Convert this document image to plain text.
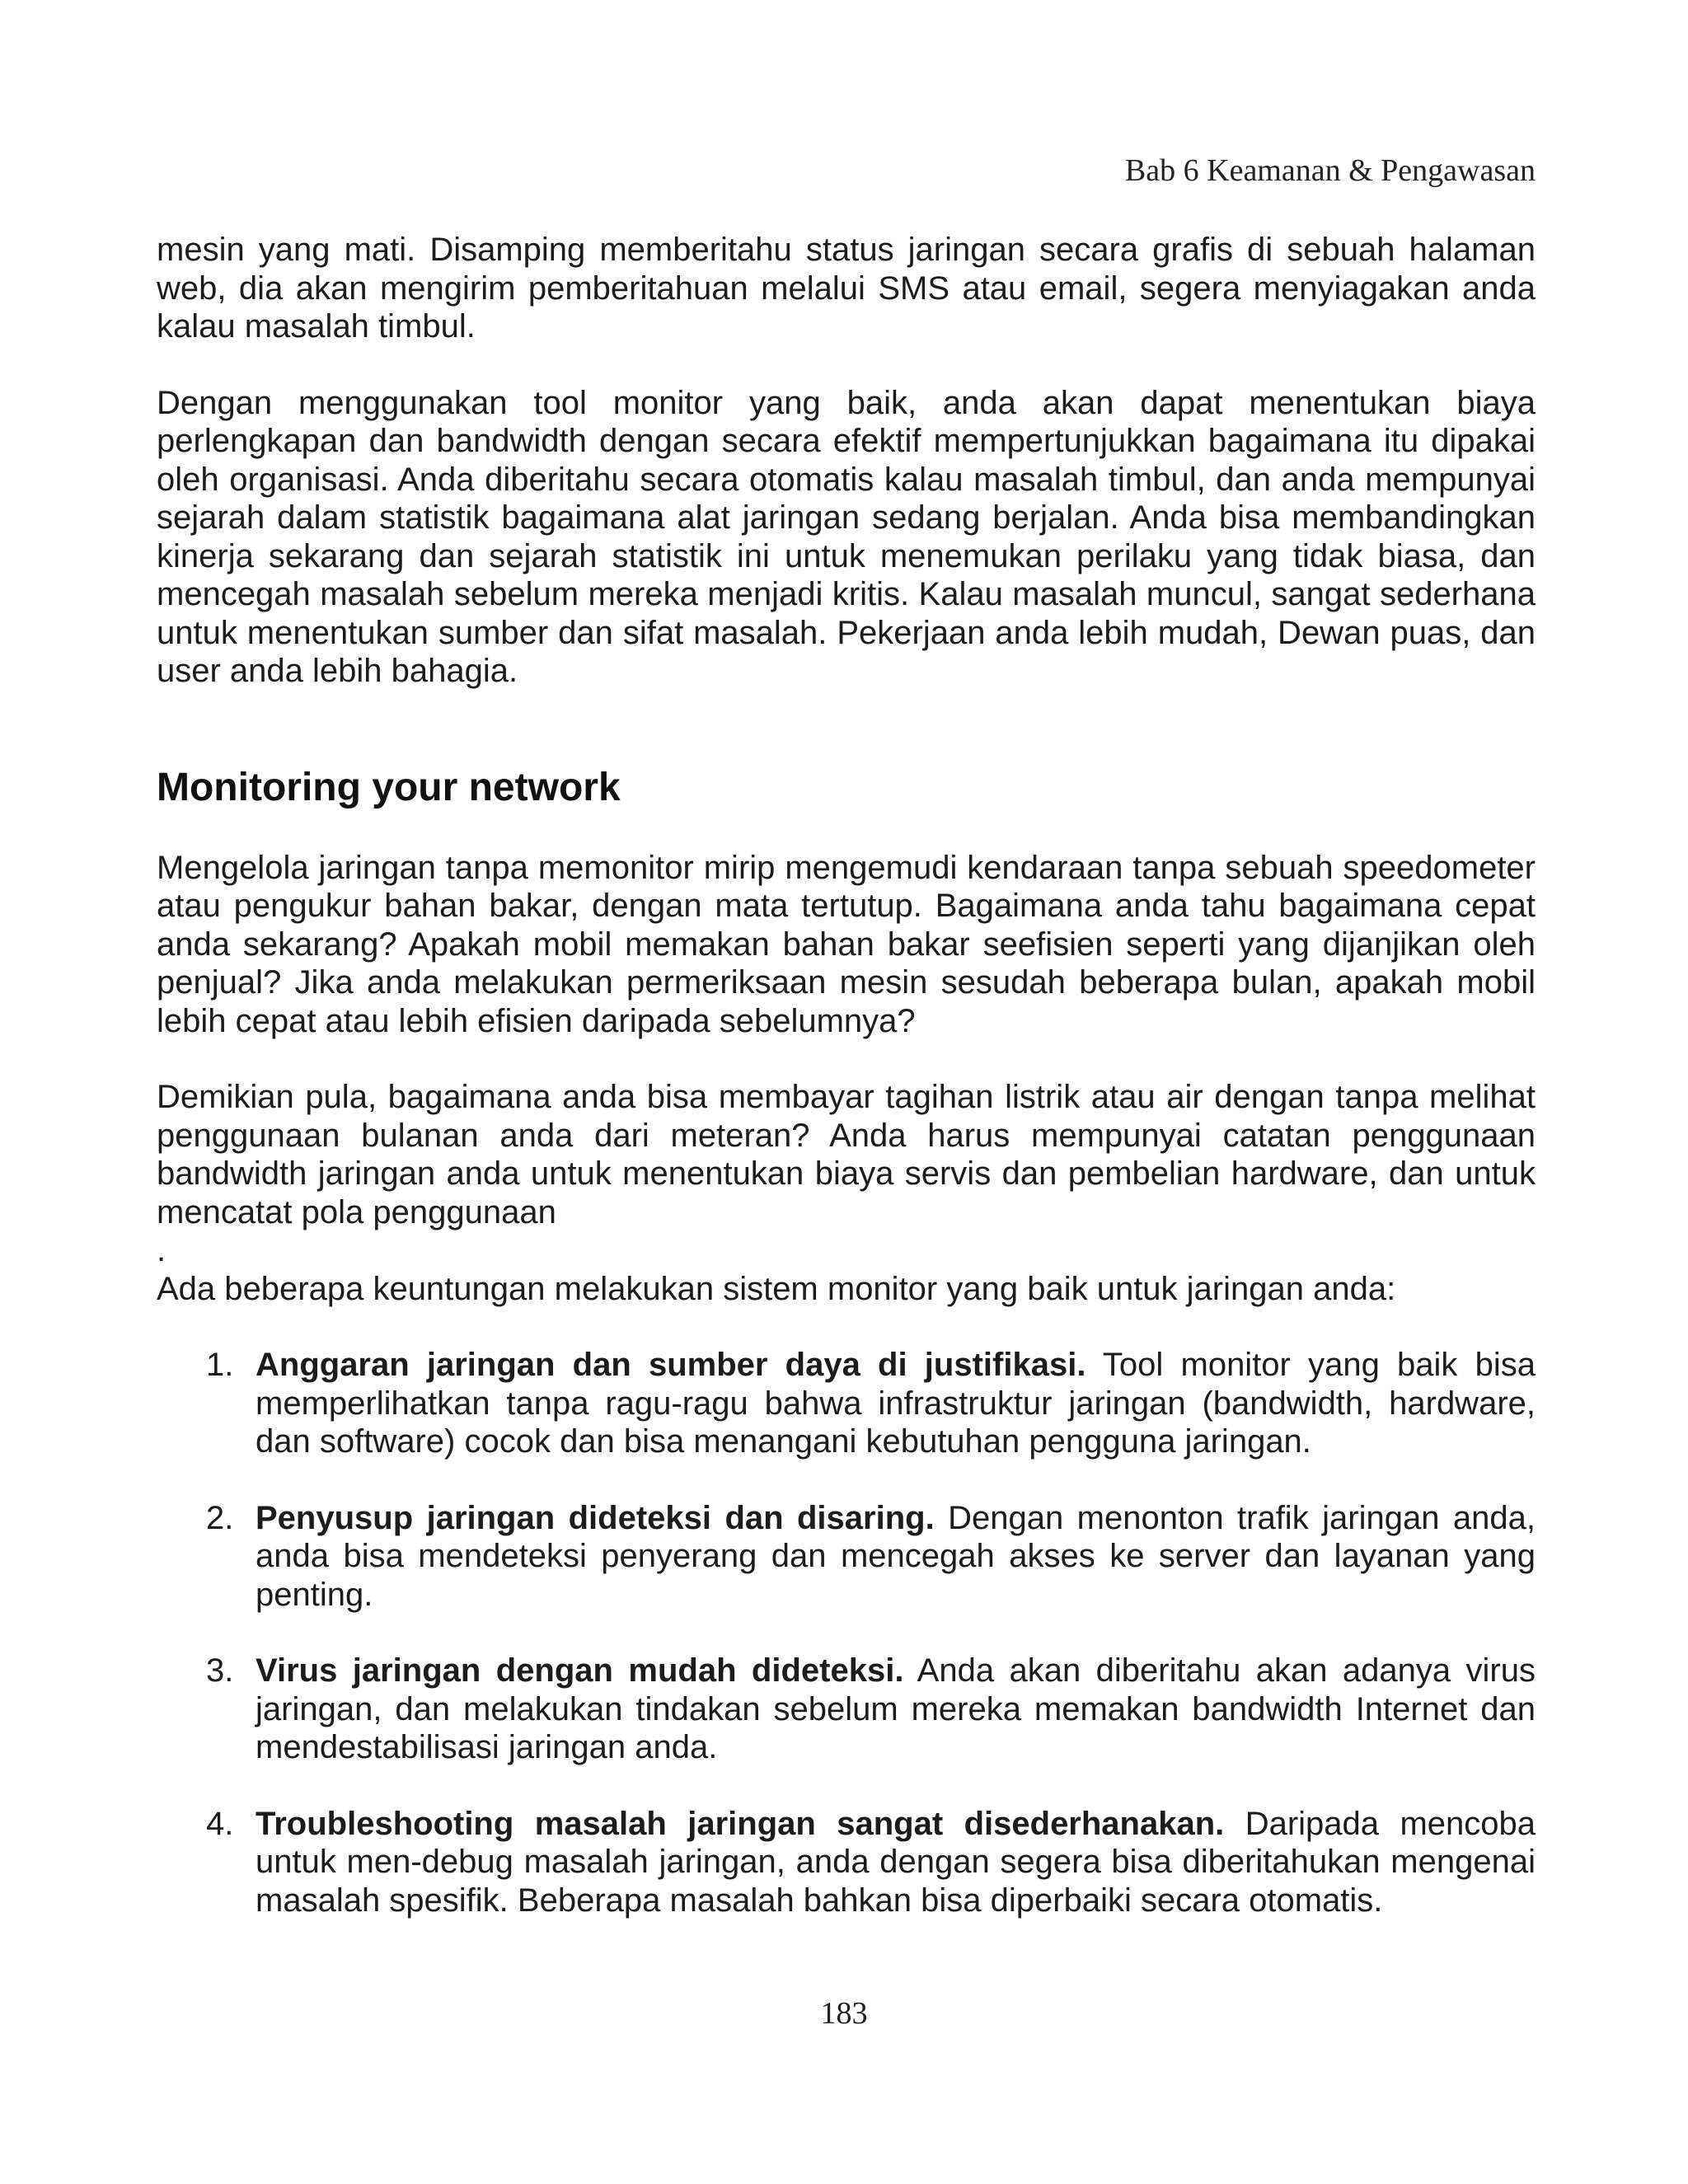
Bab 6 Keamanan & Pengawasan

mesin yang mati. Disamping memberitahu status jaringan secara grafis di sebuah halaman web, dia akan mengirim pemberitahuan melalui SMS atau email, segera menyiagakan anda kalau masalah timbul.

Dengan menggunakan tool monitor yang baik, anda akan dapat menentukan biaya perlengkapan dan bandwidth dengan secara efektif mempertunjukkan bagaimana itu dipakai oleh organisasi. Anda diberitahu secara otomatis kalau masalah timbul, dan anda mempunyai sejarah dalam statistik bagaimana alat jaringan sedang berjalan. Anda bisa membandingkan kinerja sekarang dan sejarah statistik ini untuk menemukan perilaku yang tidak biasa, dan mencegah masalah sebelum mereka menjadi kritis. Kalau masalah muncul, sangat sederhana untuk menentukan sumber dan sifat masalah. Pekerjaan anda lebih mudah, Dewan puas, dan user anda lebih bahagia.

Monitoring your network

Mengelola jaringan tanpa memonitor mirip mengemudi kendaraan tanpa sebuah speedometer atau pengukur bahan bakar, dengan mata tertutup. Bagaimana anda tahu bagaimana cepat anda sekarang? Apakah mobil memakan bahan bakar seefisien seperti yang dijanjikan oleh penjual? Jika anda melakukan permeriksaan mesin sesudah beberapa bulan, apakah mobil lebih cepat atau lebih efisien daripada sebelumnya?

Demikian pula, bagaimana anda bisa membayar tagihan listrik atau air dengan tanpa melihat penggunaan bulanan anda dari meteran? Anda harus mempunyai catatan penggunaan bandwidth jaringan anda untuk menentukan biaya servis dan pembelian hardware, dan untuk mencatat pola penggunaan

.

Ada beberapa keuntungan melakukan sistem monitor yang baik untuk jaringan anda:

1. Anggaran jaringan dan sumber daya di justifikasi. Tool monitor yang baik bisa memperlihatkan tanpa ragu-ragu bahwa infrastruktur jaringan (bandwidth, hardware, dan software) cocok dan bisa menangani kebutuhan pengguna jaringan.
2. Penyusup jaringan dideteksi dan disaring. Dengan menonton trafik jaringan anda, anda bisa mendeteksi penyerang dan mencegah akses ke server dan layanan yang penting.
3. Virus jaringan dengan mudah dideteksi. Anda akan diberitahu akan adanya virus jaringan, dan melakukan tindakan sebelum mereka memakan bandwidth Internet dan mendestabilisasi jaringan anda.
4. Troubleshooting masalah jaringan sangat disederhanakan. Daripada mencoba untuk men-debug masalah jaringan, anda dengan segera bisa diberitahukan mengenai masalah spesifik. Beberapa masalah bahkan bisa diperbaiki secara otomatis.
183
